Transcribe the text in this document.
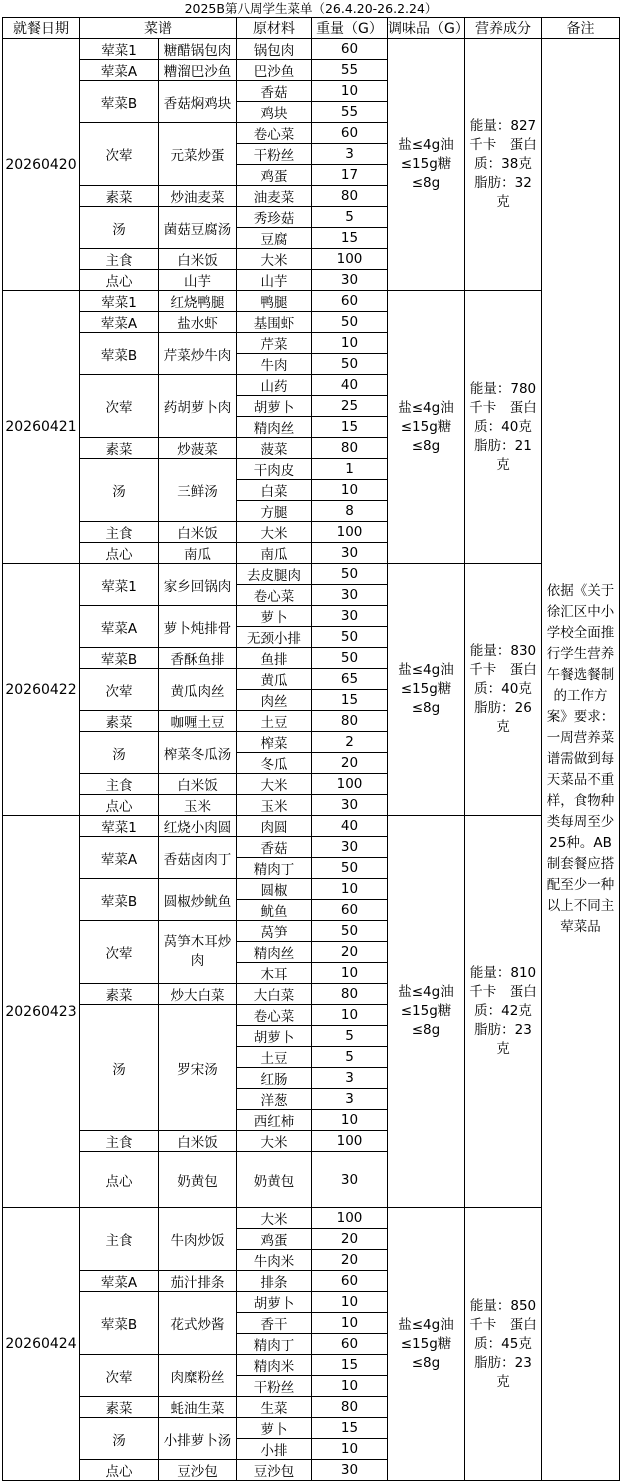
2025B第八周学生菜单（26.4.20-26.2.24）
就餐日期	菜谱		原材料	重量（G）	调味品（G）	营养成分	备注
20260420	荤菜1	糖醋锅包肉	锅包肉	60	盐≤4g油≤15g糖≤8g	能量：827千卡　蛋白质：38克　脂肪：32克	依据《关于徐汇区中小学校全面推行学生营养午餐选餐制的工作方案》要求：一周营养菜谱需做到每天菜品不重样，食物种类每周至少25种。AB制套餐应搭配至少一种以上不同主荤菜品
	荤菜A	糟溜巴沙鱼	巴沙鱼	55			
	荤菜B	香菇焖鸡块	香菇	10			
			鸡块	55			
	次荤	元菜炒蛋	卷心菜	60			
			干粉丝	3			
			鸡蛋	17			
	素菜	炒油麦菜	油麦菜	80			
	汤	菌菇豆腐汤	秀珍菇	5			
			豆腐	15			
	主食	白米饭	大米	100			
	点心	山芋	山芋	30			
20260421	荤菜1	红烧鸭腿	鸭腿	60	盐≤4g油≤15g糖≤8g	能量：780千卡　蛋白质：40克　脂肪：21克	
	荤菜A	盐水虾	基围虾	50			
	荤菜B	芹菜炒牛肉	芹菜	10			
			牛肉	50			
	次荤	药胡萝卜肉	山药	40			
			胡萝卜	25			
			精肉丝	15			
	素菜	炒菠菜	菠菜	80			
	汤	三鲜汤	干肉皮	1			
			白菜	10			
			方腿	8			
	主食	白米饭	大米	100			
	点心	南瓜	南瓜	30			
20260422	荤菜1	家乡回锅肉	去皮腿肉	50	盐≤4g油≤15g糖≤8g	能量：830千卡　蛋白质：40克　脂肪：26克	
			卷心菜	30			
	荤菜A	萝卜炖排骨	萝卜	30			
			无颈小排	50			
	荤菜B	香酥鱼排	鱼排	50			
	次荤	黄瓜肉丝	黄瓜	65			
			肉丝	15			
	素菜	咖喱土豆	土豆	80			
	汤	榨菜冬瓜汤	榨菜	2			
			冬瓜	20			
	主食	白米饭	大米	100			
	点心	玉米	玉米	30			
20260423	荤菜1	红烧小肉圆	肉圆	40	盐≤4g油≤15g糖≤8g	能量：810千卡　蛋白质：42克　脂肪：23克	
	荤菜A	香菇卤肉丁	香菇	30			
			精肉丁	50			
	荤菜B	圆椒炒鱿鱼	圆椒	10			
			鱿鱼	60			
	次荤	莴笋木耳炒肉	莴笋	50			
			精肉丝	20			
			木耳	10			
	素菜	炒大白菜	大白菜	80			
	汤	罗宋汤	卷心菜	10			
			胡萝卜	5			
			土豆	5			
			红肠	3			
			洋葱	3			
			西红柿	10			
	主食	白米饭	大米	100			
	点心	奶黄包	奶黄包	30			
20260424	主食	牛肉炒饭	大米	100	盐≤4g油≤15g糖≤8g	能量：850千卡　蛋白质：45克　脂肪：23克	
			鸡蛋	20			
			牛肉米	20			
	荤菜A	茄汁排条	排条	60			
	荤菜B	花式炒酱	胡萝卜	10			
			香干	10			
			精肉丁	60			
	次荤	肉糜粉丝	精肉米	15			
			干粉丝	10			
	素菜	蚝油生菜	生菜	80			
	汤	小排萝卜汤	萝卜	15			
			小排	10			
	点心	豆沙包	豆沙包	30			
